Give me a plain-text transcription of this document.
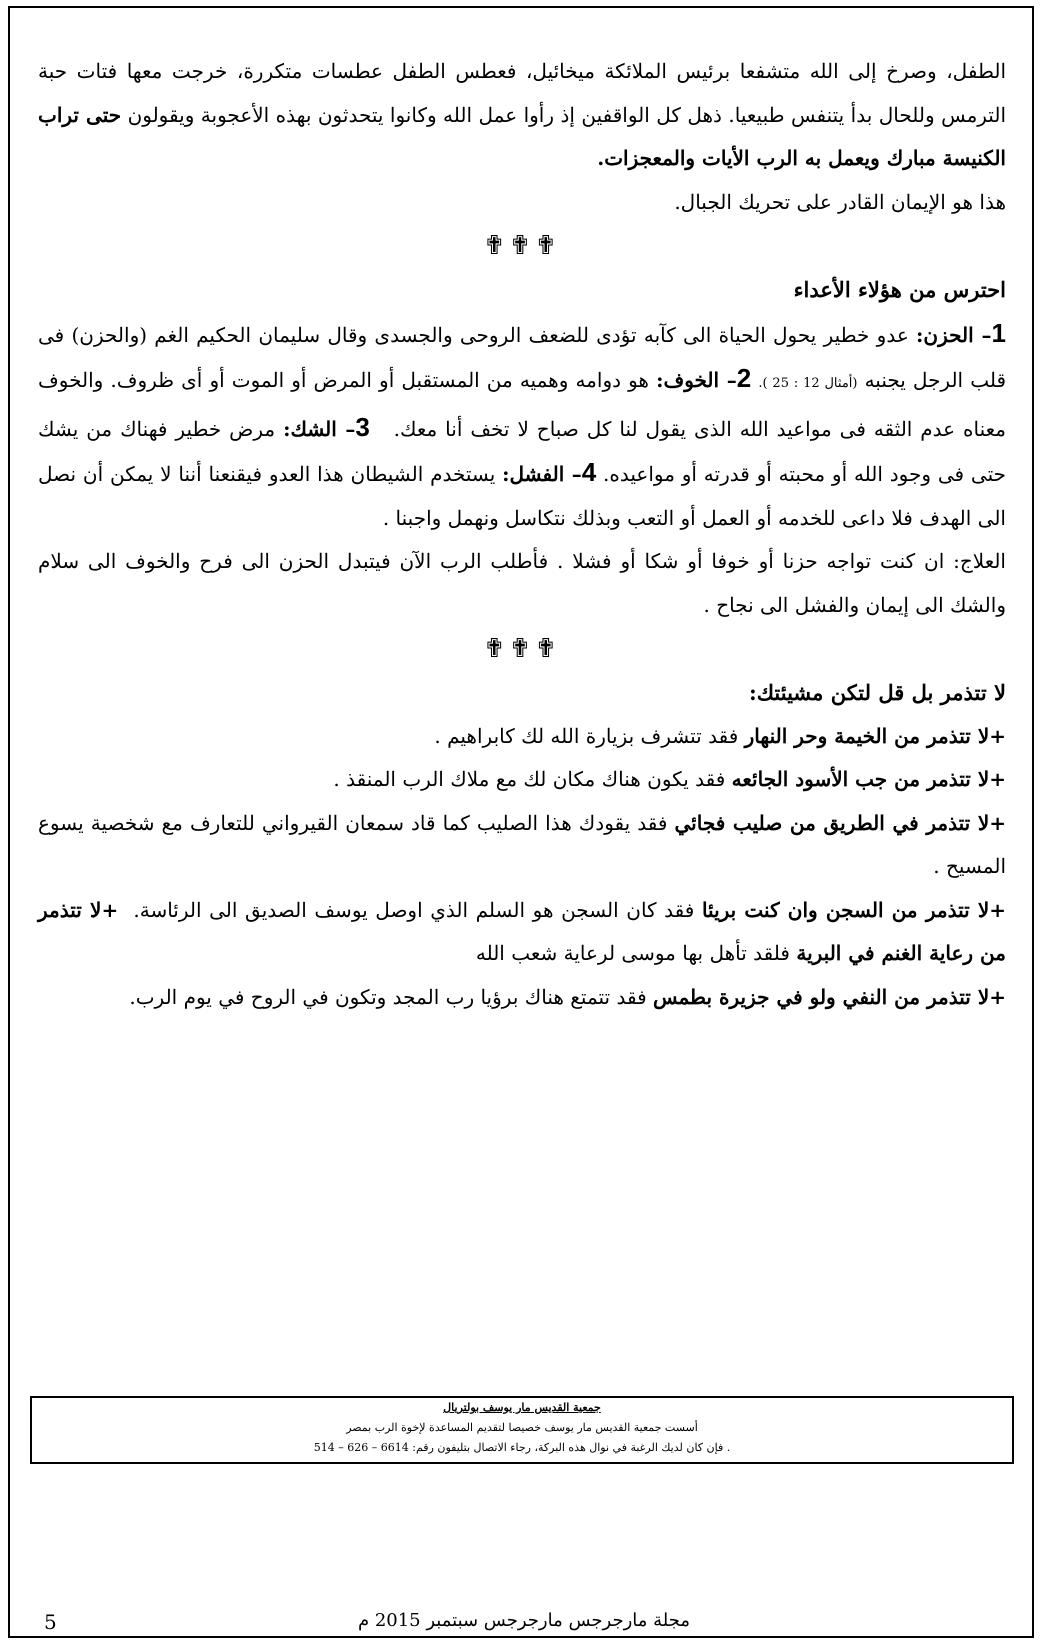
الطفل، وصرخ إلى الله متشفعا برئيس الملائكة ميخائيل، فعطس الطفل عطسات متكررة، خرجت معها فتات حبة الترمس وللحال بدأ يتنفس طبيعيا. ذهل كل الواقفين إذ رأوا عمل الله وكانوا يتحدثون بهذه الأعجوبة ويقولون حتى تراب الكنيسة مبارك ويعمل به الرب الأيات والمعجزات.

هذا هو الإيمان القادر على تحريك الجبال.

✟✟✟

احترس من هؤلاء الأعداء

1– الحزن: عدو خطير يحول الحياة الى كآبه تؤدى للضعف الروحى والجسدى وقال سليمان الحكيم الغم (والحزن) فى قلب الرجل يجنبه (أمثال 12 : 25 ). 2– الخوف: هو دوامه وهميه من المستقبل أو المرض أو الموت أو أى ظروف. والخوف معناه عدم الثقه فى مواعيد الله الذى يقول لنا كل صباح لا تخف أنا معك.   3– الشك: مرض خطير فهناك من يشك حتى فى وجود الله أو محبته أو قدرته أو مواعيده. 4– الفشل: يستخدم الشيطان هذا العدو فيقنعنا أننا لا يمكن أن نصل الى الهدف فلا داعى للخدمه أو العمل أو التعب وبذلك نتكاسل ونهمل واجبنا .

العلاج: ان كنت تواجه حزنا أو خوفا أو شكا أو فشلا . فأطلب الرب الآن فيتبدل الحزن الى فرح والخوف الى سلام والشك الى إيمان والفشل الى نجاح .

✟✟✟

لا تتذمر بل قل لتكن مشيئتك:

+لا تتذمر من الخيمة وحر النهار فقد تتشرف بزيارة الله لك كابراهيم .

+لا تتذمر من جب الأسود الجائعه فقد يكون هناك مكان لك مع ملاك الرب المنقذ .

+لا تتذمر في الطريق من صليب فجائي فقد يقودك هذا الصليب كما قاد سمعان القيرواني للتعارف مع شخصية يسوع المسيح .

+لا تتذمر من السجن وان كنت بريئا فقد كان السجن هو السلم الذي اوصل يوسف الصديق الى الرئاسة.  +لا تتذمر من رعاية الغنم في البرية فلقد تأهل بها موسى لرعاية شعب الله

+لا تتذمر من النفي ولو في جزيرة بطمس فقد تتمتع هناك برؤيا رب المجد وتكون في الروح في يوم الرب.

جمعية القديس مار يوسف بولتريال
أسست جمعية القديس مار يوسف خصيصا لتقديم المساعدة لإخوة الرب بمصر
. فإن كان لديك الرغبة في نوال هذه البركة، رجاء الاتصال بتليفون رقم: 6614 – 626 – 514
5	مجلة مارجرجس مارجرجس سبتمبر 2015 م
